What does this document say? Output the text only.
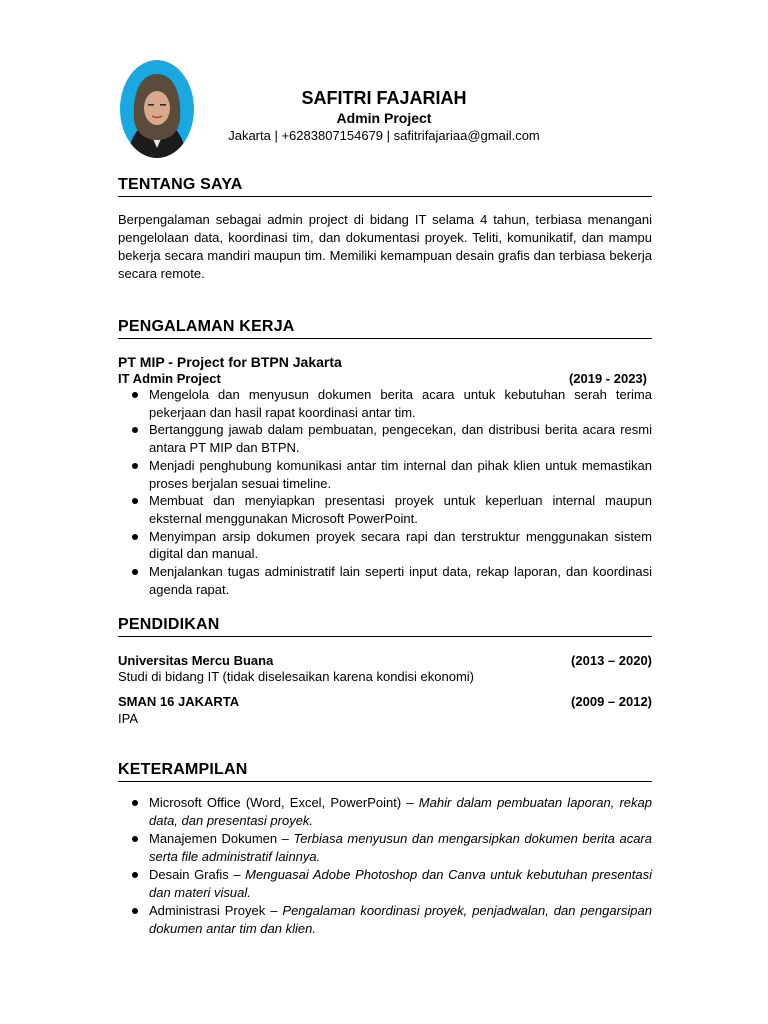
SAFITRI FAJARIAH
Admin Project
Jakarta | +6283807154679 | safitrifajariaa@gmail.com
TENTANG SAYA
Berpengalaman sebagai admin project di bidang IT selama 4 tahun, terbiasa menangani pengelolaan data, koordinasi tim, dan dokumentasi proyek. Teliti, komunikatif, dan mampu bekerja secara mandiri maupun tim. Memiliki kemampuan desain grafis dan terbiasa bekerja secara remote.
PENGALAMAN KERJA
PT MIP - Project for BTPN Jakarta
IT Admin Project	(2019 - 2023)
Mengelola dan menyusun dokumen berita acara untuk kebutuhan serah terima pekerjaan dan hasil rapat koordinasi antar tim.
Bertanggung jawab dalam pembuatan, pengecekan, dan distribusi berita acara resmi antara PT MIP dan BTPN.
Menjadi penghubung komunikasi antar tim internal dan pihak klien untuk memastikan proses berjalan sesuai timeline.
Membuat dan menyiapkan presentasi proyek untuk keperluan internal maupun eksternal menggunakan Microsoft PowerPoint.
Menyimpan arsip dokumen proyek secara rapi dan terstruktur menggunakan sistem digital dan manual.
Menjalankan tugas administratif lain seperti input data, rekap laporan, dan koordinasi agenda rapat.
PENDIDIKAN
Universitas Mercu Buana	(2013 – 2020)
Studi di bidang IT (tidak diselesaikan karena kondisi ekonomi)
SMAN 16 JAKARTA	(2009 – 2012)
IPA
KETERAMPILAN
Microsoft Office (Word, Excel, PowerPoint) – Mahir dalam pembuatan laporan, rekap data, dan presentasi proyek.
Manajemen Dokumen – Terbiasa menyusun dan mengarsipkan dokumen berita acara serta file administratif lainnya.
Desain Grafis – Menguasai Adobe Photoshop dan Canva untuk kebutuhan presentasi dan materi visual.
Administrasi Proyek – Pengalaman koordinasi proyek, penjadwalan, dan pengarsipan dokumen antar tim dan klien.
